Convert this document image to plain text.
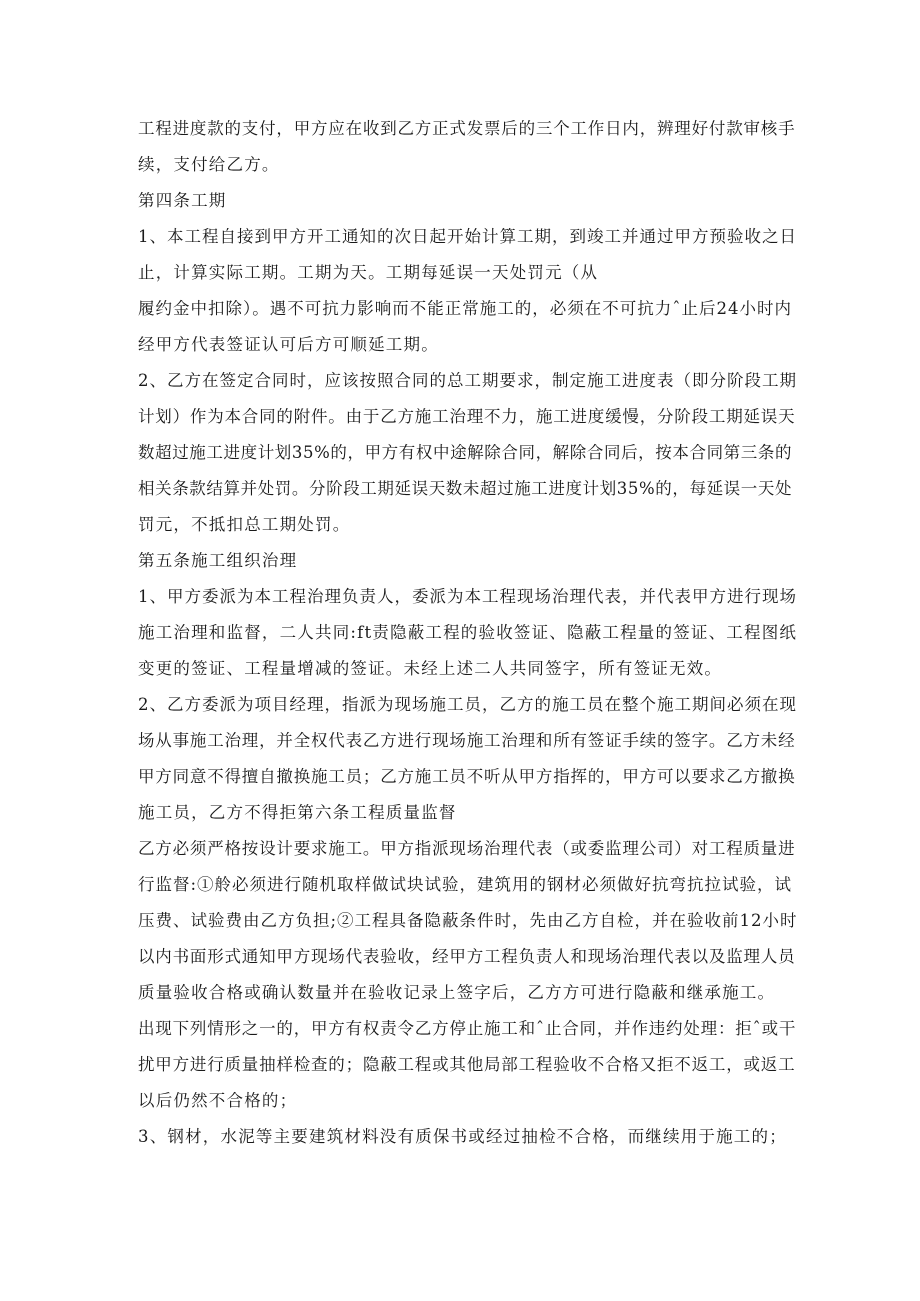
工程进度款的支付，甲方应在收到乙方正式发票后的三个工作日内，辨理好付款审核手
续，支付给乙方。
第四条工期
1、本工程自接到甲方开工通知的次日起开始计算工期，到竣工并通过甲方预验收之日
止，计算实际工期。工期为天。工期每延误一天处罚元（从
履约金中扣除）。遇不可抗力影响而不能正常施工的，必须在不可抗力ˆ止后24小时内
经甲方代表签证认可后方可顺延工期。
2、乙方在签定合同时，应该按照合同的总工期要求，制定施工进度表（即分阶段工期
计划）作为本合同的附件。由于乙方施工治理不力，施工进度缓慢，分阶段工期延误天
数超过施工进度计划35%的，甲方有权中途解除合同，解除合同后，按本合同第三条的
相关条款结算并处罚。分阶段工期延误天数未超过施工进度计划35%的，每延误一天处
罚元，不抵扣总工期处罚。
第五条施工组织治理
1、甲方委派为本工程治理负责人，委派为本工程现场治理代表，并代表甲方进行现场
施工治理和监督，二人共同:ft责隐蔽工程的验收签证、隐蔽工程量的签证、工程图纸
变更的签证、工程量增减的签证。未经上述二人共同签字，所有签证无效。
2、乙方委派为项目经理，指派为现场施工员，乙方的施工员在整个施工期间必须在现
场从事施工治理，并全权代表乙方进行现场施工治理和所有签证手续的签字。乙方未经
甲方同意不得擅自撤换施工员；乙方施工员不听从甲方指挥的，甲方可以要求乙方撤换
施工员，乙方不得拒第六条工程质量监督
乙方必须严格按设计要求施工。甲方指派现场治理代表（或委监理公司）对工程质量进
行监督:①舲必须进行随机取样做试块试验，建筑用的钢材必须做好抗弯抗拉试验，试
压费、试验费由乙方负担;②工程具备隐蔽条件时，先由乙方自检，并在验收前12小时
以内书面形式通知甲方现场代表验收，经甲方工程负责人和现场治理代表以及监理人员
质量验收合格或确认数量并在验收记录上签字后，乙方方可进行隐蔽和继承施工。
出现下列情形之一的，甲方有权责令乙方停止施工和ˆ止合同，并作违约处理：拒ˆ或干
扰甲方进行质量抽样检查的；隐蔽工程或其他局部工程验收不合格又拒不返工，或返工
以后仍然不合格的；
3、钢材，水泥等主要建筑材料没有质保书或经过抽检不合格，而继续用于施工的；
